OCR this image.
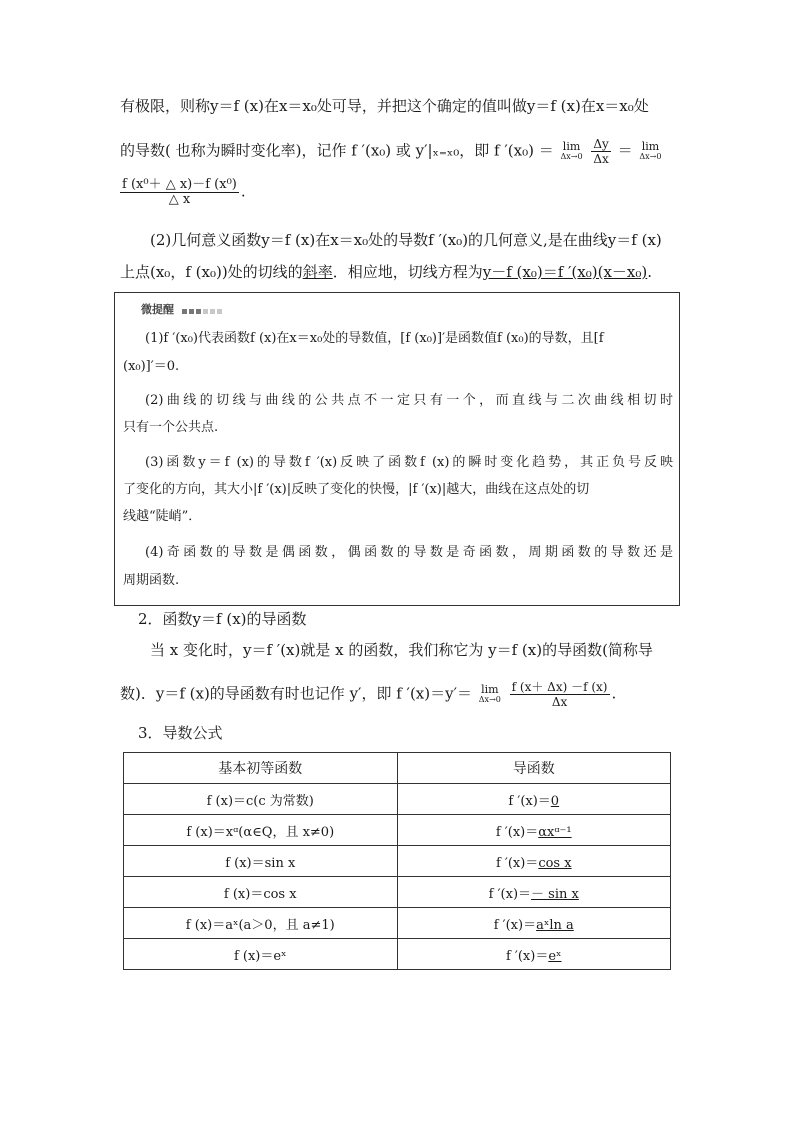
有极限，则称y＝f (x)在x＝x₀处可导，并把这个确定的值叫做y＝f (x)在x＝x₀处
的导数( 也称为瞬时变化率)，记作 f ′(x₀) 或 y′|ₓ₌ₓ₀，即 f ′(x₀) ＝ lim
Δx→0
$\frac{\Delta y}{\Delta x} = \lim$
Δx→0
$\frac{\text{f (x⁰＋ △ x)－f (x⁰)}}{\triangle x}$ .
(2)几何意义函数y＝f (x)在x＝x₀处的导数f ′(x₀)的几何意义,是在曲线y＝f (x)
上点(x₀，f (x₀))处的切线的斜率．相应地，切线方程为y－f (x₀)＝f ′(x₀)(x－x₀).
微提醒
(1)f ′(x₀)代表函数f (x)在x＝x₀处的导数值，[f (x₀)]′是函数值f (x₀)的导数，且[f
(x₀)]′＝0.
(2)曲线的切线与曲线的公共点不一定只有一个，而直线与二次曲线相切时
只有一个公共点.
(3)函数y＝f (x)的导数f ′(x)反映了函数f (x)的瞬时变化趋势，其正负号反映
了变化的方向，其大小|f ′(x)|反映了变化的快慢，|f ′(x)|越大，曲线在这点处的切
线越“陡峭”．
(4)奇函数的导数是偶函数，偶函数的导数是奇函数，周期函数的导数还是
周期函数.
2．函数y＝f (x)的导函数
当 x 变化时，y＝f ′(x)就是 x 的函数，我们称它为 y＝f (x)的导函数(简称导
数)．y＝f (x)的导函数有时也记作 y′，即 f ′(x)＝y′＝ lim
Δx→0
$\frac{f (x+ \Delta x) -f (x)}{\Delta x}$ .
3．导数公式
基本初等函数	导函数
f (x)＝c(c 为常数)	f ′(x)＝0
f (x)＝xᵅ(α∈Q，且 x≠0)	f ′(x)＝αxᵅ⁻¹
f (x)＝sin x	f ′(x)＝cos x
f (x)＝cos x	f ′(x)＝－ sin x
f (x)＝aˣ(a＞0，且 a≠1)	f ′(x)＝aˣln a
f (x)＝eˣ	f ′(x)＝eˣ
